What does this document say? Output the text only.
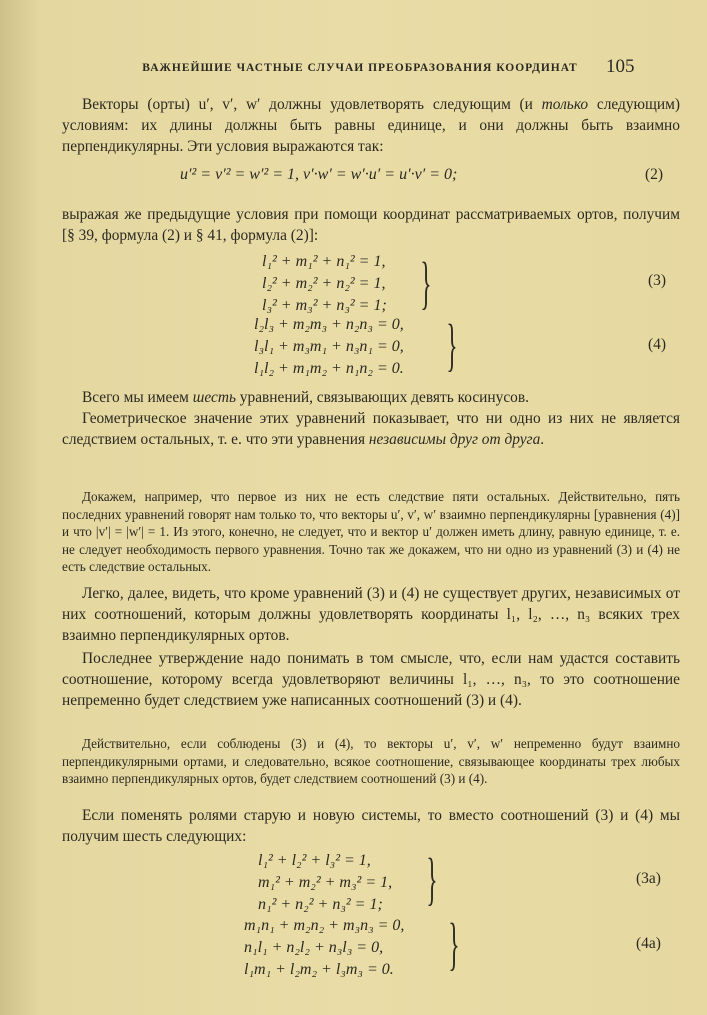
ВАЖНЕЙШИЕ ЧАСТНЫЕ СЛУЧАИ ПРЕОБРАЗОВАНИЯ КООРДИНАТ	105

Векторы (орты) u′, v′, w′ должны удовлетворять следующим (и только следующим) условиям: их длины должны быть равны единице, и они должны быть взаимно перпендикулярны. Эти условия выражаются так:

u′² = v′² = w′² = 1, v′·w′ = w′·u′ = u′·v′ = 0;	(2)

выражая же предыдущие условия при помощи координат рассматриваемых ортов, получим [§ 39, формула (2) и § 41, формула (2)]:

l₁² + m₁² + n₁² = 1,
l₂² + m₂² + n₂² = 1,
l₃² + m₃² + n₃² = 1; }	(3)
l₂l₃ + m₂m₃ + n₂n₃ = 0,
l₃l₁ + m₃m₁ + n₃n₁ = 0,
l₁l₂ + m₁m₂ + n₁n₂ = 0. }	(4)

Всего мы имеем шесть уравнений, связывающих девять косинусов.

Геометрическое значение этих уравнений показывает, что ни одно из них не является следствием остальных, т. е. что эти уравнения независимы друг от друга.

Докажем, например, что первое из них не есть следствие пяти остальных. Действительно, пять последних уравнений говорят нам только то, что векторы u′, v′, w′ взаимно перпендикулярны [уравнения (4)] и что |v′| = |w′| = 1. Из этого, конечно, не следует, что и вектор u′ должен иметь длину, равную единице, т. е. не следует необходимость первого уравнения. Точно так же докажем, что ни одно из уравнений (3) и (4) не есть следствие остальных.

Легко, далее, видеть, что кроме уравнений (3) и (4) не существует других, независимых от них соотношений, которым должны удовлетворять координаты l₁, l₂, …, n₃ всяких трех взаимно перпендикулярных ортов.

Последнее утверждение надо понимать в том смысле, что, если нам удастся составить соотношение, которому всегда удовлетворяют величины l₁, …, n₃, то это соотношение непременно будет следствием уже написанных соотношений (3) и (4).

Действительно, если соблюдены (3) и (4), то векторы u′, v′, w′ непременно будут взаимно перпендикулярными ортами, и следовательно, всякое соотношение, связывающее координаты трех любых взаимно перпендикулярных ортов, будет следствием соотношений (3) и (4).

Если поменять ролями старую и новую системы, то вместо соотношений (3) и (4) мы получим шесть следующих:

l₁² + l₂² + l₃² = 1,
m₁² + m₂² + m₃² = 1,
n₁² + n₂² + n₃² = 1; }	(3a)
m₁n₁ + m₂n₂ + m₃n₃ = 0,
n₁l₁ + n₂l₂ + n₃l₃ = 0,
l₁m₁ + l₂m₂ + l₃m₃ = 0. }	(4a)
